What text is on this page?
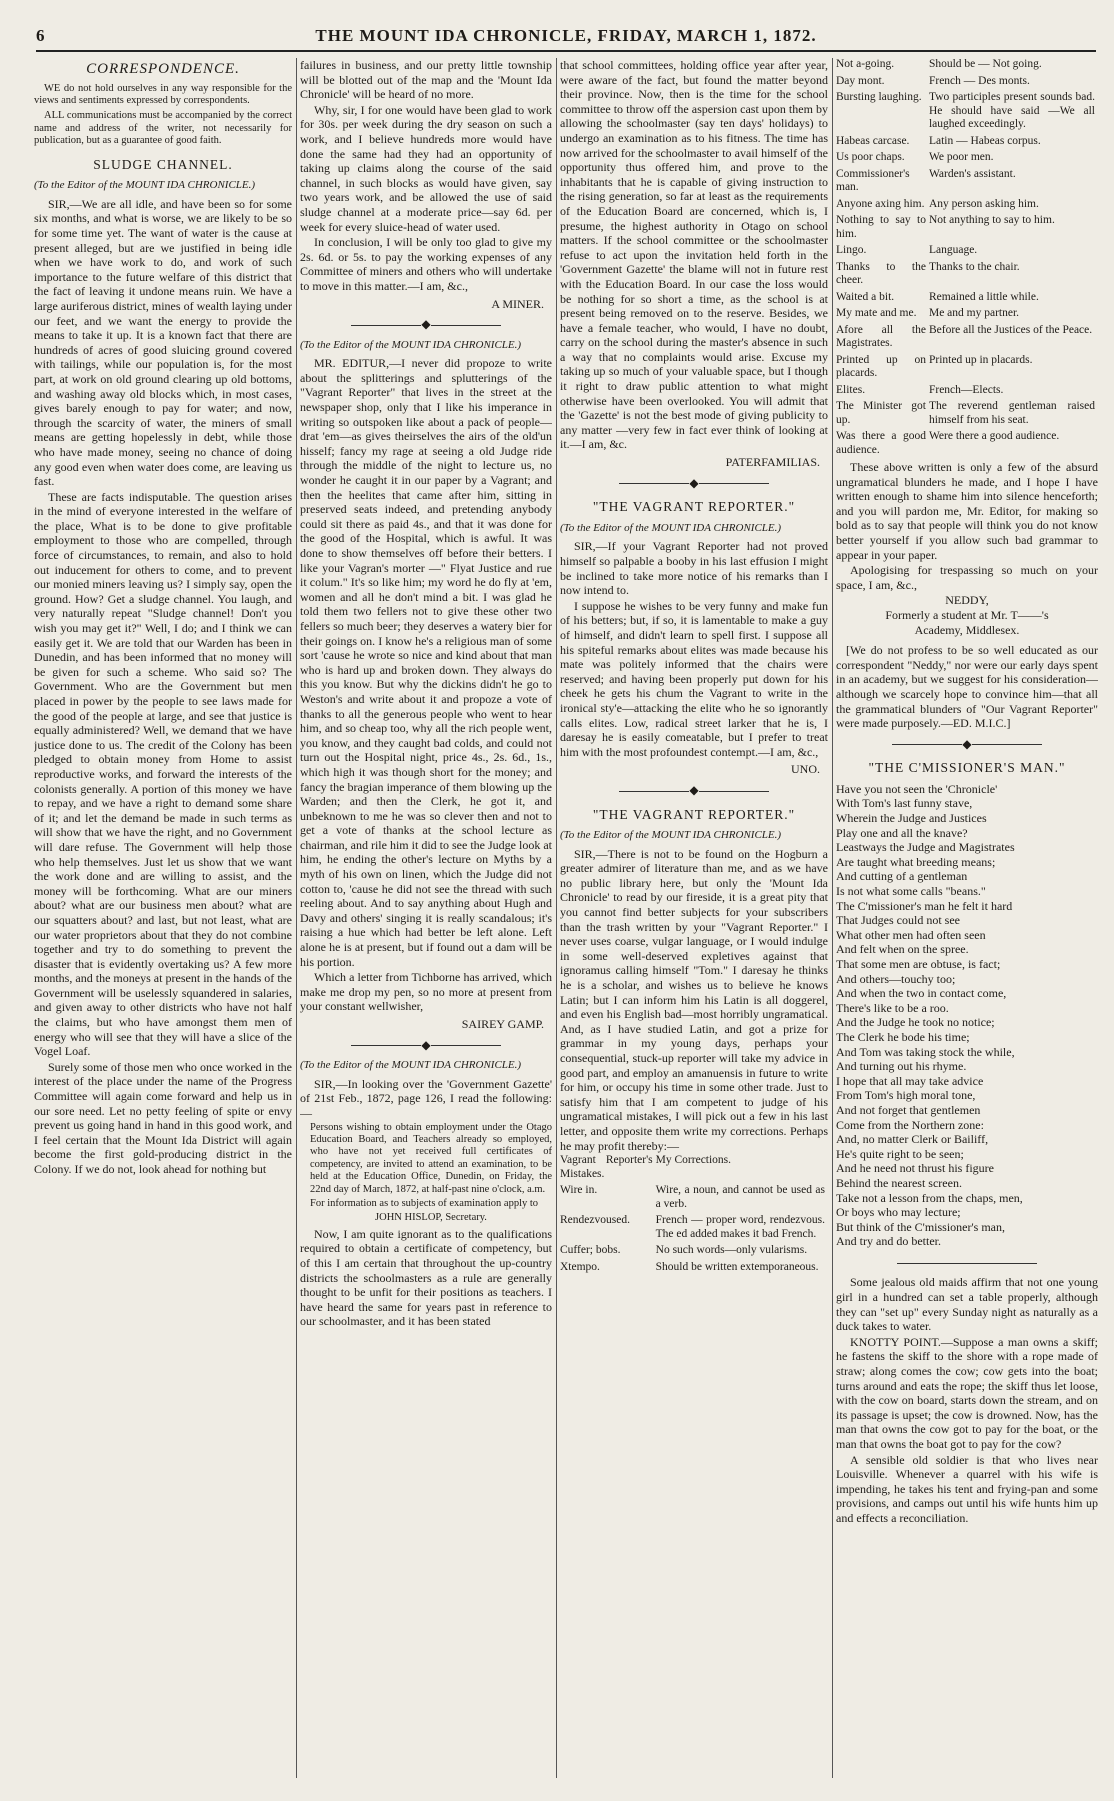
6	THE MOUNT IDA CHRONICLE, FRIDAY, MARCH 1, 1872.
CORRESPONDENCE.

WE do not hold ourselves in any way responsible for the views and sentiments expressed by correspondents.

ALL communications must be accompanied by the correct name and address of the writer, not necessarily for publication, but as a guarantee of good faith.

SLUDGE CHANNEL.

(To the Editor of the MOUNT IDA CHRONICLE.)

SIR,—We are all idle, and have been so for some six months, and what is worse, we are likely to be so for some time yet. The want of water is the cause at present alleged, but are we justified in being idle when we have work to do, and work of such importance to the future welfare of this district that the fact of leaving it undone means ruin. We have a large auriferous district, mines of wealth laying under our feet, and we want the energy to provide the means to take it up. It is a known fact that there are hundreds of acres of good sluicing ground covered with tailings, while our population is, for the most part, at work on old ground clearing up old bottoms, and washing away old blocks which, in most cases, gives barely enough to pay for water; and now, through the scarcity of water, the miners of small means are getting hopelessly in debt, while those who have made money, seeing no chance of doing any good even when water does come, are leaving us fast.

These are facts indisputable. The question arises in the mind of everyone interested in the welfare of the place, What is to be done to give profitable employment to those who are compelled, through force of circumstances, to remain, and also to hold out inducement for others to come, and to prevent our monied miners leaving us? I simply say, open the ground. How? Get a sludge channel. You laugh, and very naturally repeat "Sludge channel! Don't you wish you may get it?" Well, I do; and I think we can easily get it. We are told that our Warden has been in Dunedin, and has been informed that no money will be given for such a scheme. Who said so? The Government. Who are the Government but men placed in power by the people to see laws made for the good of the people at large, and see that justice is equally administered? Well, we demand that we have justice done to us. The credit of the Colony has been pledged to obtain money from Home to assist reproductive works, and forward the interests of the colonists generally. A portion of this money we have to repay, and we have a right to demand some share of it; and let the demand be made in such terms as will show that we have the right, and no Government will dare refuse. The Government will help those who help themselves. Just let us show that we want the work done and are willing to assist, and the money will be forthcoming. What are our miners about? what are our business men about? what are our squatters about? and last, but not least, what are our water proprietors about that they do not combine together and try to do something to prevent the disaster that is evidently overtaking us? A few more months, and the moneys at present in the hands of the Government will be uselessly squandered in salaries, and given away to other districts who have not half the claims, but who have amongst them men of energy who will see that they will have a slice of the Vogel Loaf.

Surely some of those men who once worked in the interest of the place under the name of the Progress Committee will again come forward and help us in our sore need. Let no petty feeling of spite or envy prevent us going hand in hand in this good work, and I feel certain that the Mount Ida District will again become the first gold-producing district in the Colony. If we do not, look ahead for nothing but

failures in business, and our pretty little township will be blotted out of the map and the 'Mount Ida Chronicle' will be heard of no more.

Why, sir, I for one would have been glad to work for 30s. per week during the dry season on such a work, and I believe hundreds more would have done the same had they had an opportunity of taking up claims along the course of the said channel, in such blocks as would have given, say two years work, and be allowed the use of said sludge channel at a moderate price—say 6d. per week for every sluice-head of water used.

In conclusion, I will be only too glad to give my 2s. 6d. or 5s. to pay the working expenses of any Committee of miners and others who will undertake to move in this matter.—I am, &c.,

A MINER.
◆

(To the Editor of the MOUNT IDA CHRONICLE.)

MR. EDITUR,—I never did propoze to write about the splitterings and splutterings of the "Vagrant Reporter" that lives in the street at the newspaper shop, only that I like his imperance in writing so outspoken like about a pack of people—drat 'em—as gives theirselves the airs of the old'un hisself; fancy my rage at seeing a old Judge ride through the middle of the night to lecture us, no wonder he caught it in our paper by a Vagrant; and then the heelites that came after him, sitting in preserved seats indeed, and pretending anybody could sit there as paid 4s., and that it was done for the good of the Hospital, which is awful. It was done to show themselves off before their betters. I like your Vagran's morter —" Flyat Justice and rue it colum." It's so like him; my word he do fly at 'em, women and all he don't mind a bit. I was glad he told them two fellers not to give these other two fellers so much beer; they deserves a watery bier for their goings on. I know he's a religious man of some sort 'cause he wrote so nice and kind about that man who is hard up and broken down. They always do this you know. But why the dickins didn't he go to Weston's and write about it and propoze a vote of thanks to all the generous people who went to hear him, and so cheap too, why all the rich people went, you know, and they caught bad colds, and could not turn out the Hospital night, price 4s., 2s. 6d., 1s., which high it was though short for the money; and fancy the bragian imperance of them blowing up the Warden; and then the Clerk, he got it, and unbeknown to me he was so clever then and not to get a vote of thanks at the school lecture as chairman, and rile him it did to see the Judge look at him, he ending the other's lecture on Myths by a myth of his own on linen, which the Judge did not cotton to, 'cause he did not see the thread with such reeling about. And to say anything about Hugh and Davy and others' singing it is really scandalous; it's raising a hue which had better be left alone. Left alone he is at present, but if found out a dam will be his portion.

Which a letter from Tichborne has arrived, which make me drop my pen, so no more at present from your constant wellwisher,

SAIREY GAMP.
◆

(To the Editor of the MOUNT IDA CHRONICLE.)

SIR,—In looking over the 'Government Gazette' of 21st Feb., 1872, page 126, I read the following:—

Persons wishing to obtain employment under the Otago Education Board, and Teachers already so employed, who have not yet received full certificates of competency, are invited to attend an examination, to be held at the Education Office, Dunedin, on Friday, the 22nd day of March, 1872, at half-past nine o'clock, a.m.

For information as to subjects of examination apply to

JOHN HISLOP, Secretary.

Now, I am quite ignorant as to the qualifications required to obtain a certificate of competency, but of this I am certain that throughout the up-country districts the schoolmasters as a rule are generally thought to be unfit for their positions as teachers. I have heard the same for years past in reference to our schoolmaster, and it has been stated

that school committees, holding office year after year, were aware of the fact, but found the matter beyond their province. Now, then is the time for the school committee to throw off the aspersion cast upon them by allowing the schoolmaster (say ten days' holidays) to undergo an examination as to his fitness. The time has now arrived for the schoolmaster to avail himself of the opportunity thus offered him, and prove to the inhabitants that he is capable of giving instruction to the rising generation, so far at least as the requirements of the Education Board are concerned, which is, I presume, the highest authority in Otago on school matters. If the school committee or the schoolmaster refuse to act upon the invitation held forth in the 'Government Gazette' the blame will not in future rest with the Education Board. In our case the loss would be nothing for so short a time, as the school is at present being removed on to the reserve. Besides, we have a female teacher, who would, I have no doubt, carry on the school during the master's absence in such a way that no complaints would arise. Excuse my taking up so much of your valuable space, but I though it right to draw public attention to what might otherwise have been overlooked. You will admit that the 'Gazette' is not the best mode of giving publicity to any matter —very few in fact ever think of looking at it.—I am, &c.

PATERFAMILIAS.
◆
"THE VAGRANT REPORTER."

(To the Editor of the MOUNT IDA CHRONICLE.)

SIR,—If your Vagrant Reporter had not proved himself so palpable a booby in his last effusion I might be inclined to take more notice of his remarks than I now intend to.

I suppose he wishes to be very funny and make fun of his betters; but, if so, it is lamentable to make a guy of himself, and didn't learn to spell first. I suppose all his spiteful remarks about elites was made because his mate was politely informed that the chairs were reserved; and having been properly put down for his cheek he gets his chum the Vagrant to write in the ironical sty'e—attacking the elite who he so ignorantly calls elites. Low, radical street larker that he is, I daresay he is easily comeatable, but I prefer to treat him with the most profoundest contempt.—I am, &c.,

UNO.
◆
"THE VAGRANT REPORTER."

(To the Editor of the MOUNT IDA CHRONICLE.)

SIR,—There is not to be found on the Hogburn a greater admirer of literature than me, and as we have no public library here, but only the 'Mount Ida Chronicle' to read by our fireside, it is a great pity that you cannot find better subjects for your subscribers than the trash written by your "Vagrant Reporter." I never uses coarse, vulgar language, or I would indulge in some well-deserved expletives against that ignoramus calling himself "Tom." I daresay he thinks he is a scholar, and wishes us to believe he knows Latin; but I can inform him his Latin is all doggerel, and even his English bad—most horribly ungramatical. And, as I have studied Latin, and got a prize for grammar in my young days, perhaps your consequential, stuck-up reporter will take my advice in good part, and employ an amanuensis in future to write for him, or occupy his time in some other trade. Just to satisfy him that I am competent to judge of his ungramatical mistakes, I will pick out a few in his last letter, and opposite them write my corrections. Perhaps he may profit thereby:—

Vagrant Reporter's Mistakes.	My Corrections.
Wire in.	Wire, a noun, and cannot be used as a verb.
Rendezvoused.	French — proper word, rendezvous. The ed added makes it bad French.
Cuffer; bobs.	No such words—only vularisms.
Xtempo.	Should be written extemporaneous.
Not a-going.	Should be — Not going.
Day mont.	French — Des monts.
Bursting laughing.	Two participles present sounds bad. He should have said —We all laughed exceedingly.
Habeas carcase.	Latin — Habeas corpus.
Us poor chaps.	We poor men.
Commissioner's man.	Warden's assistant.
Anyone axing him.	Any person asking him.
Nothing to say to him.	Not anything to say to him.
Lingo.	Language.
Thanks to the cheer.	Thanks to the chair.
Waited a bit.	Remained a little while.
My mate and me.	Me and my partner.
Afore all the Magistrates.	Before all the Justices of the Peace.
Printed up on placards.	Printed up in placards.
Elites.	French—Elects.
The Minister got up.	The reverend gentleman raised himself from his seat.
Was there a good audience.	Were there a good audience.

These above written is only a few of the absurd ungramatical blunders he made, and I hope I have written enough to shame him into silence henceforth; and you will pardon me, Mr. Editor, for making so bold as to say that people will think you do not know better yourself if you allow such bad grammar to appear in your paper.

Apologising for trespassing so much on your space, I am, &c.,

NEDDY,
Formerly a student at Mr. T——'s
Academy, Middlesex.

[We do not profess to be so well educated as our correspondent "Neddy," nor were our early days spent in an academy, but we suggest for his consideration—although we scarcely hope to convince him—that all the grammatical blunders of "Our Vagrant Reporter" were made purposely.—ED. M.I.C.]

◆
"THE C'MISSIONER'S MAN."

Have you not seen the 'Chronicle'

With Tom's last funny stave,

Wherein the Judge and Justices

Play one and all the knave?

Leastways the Judge and Magistrates

Are taught what breeding means;

And cutting of a gentleman

Is not what some calls "beans."

The C'missioner's man he felt it hard

That Judges could not see

What other men had often seen

And felt when on the spree.

That some men are obtuse, is fact;

And others—touchy too;

And when the two in contact come,

There's like to be a roo.

And the Judge he took no notice;

The Clerk he bode his time;

And Tom was taking stock the while,

And turning out his rhyme.

I hope that all may take advice

From Tom's high moral tone,

And not forget that gentlemen

Come from the Northern zone:

And, no matter Clerk or Bailiff,

He's quite right to be seen;

And he need not thrust his figure

Behind the nearest screen.

Take not a lesson from the chaps, men,

Or boys who may lecture;

But think of the C'missioner's man,

And try and do better.

Some jealous old maids affirm that not one young girl in a hundred can set a table properly, although they can "set up" every Sunday night as naturally as a duck takes to water.

KNOTTY POINT.—Suppose a man owns a skiff; he fastens the skiff to the shore with a rope made of straw; along comes the cow; cow gets into the boat; turns around and eats the rope; the skiff thus let loose, with the cow on board, starts down the stream, and on its passage is upset; the cow is drowned. Now, has the man that owns the cow got to pay for the boat, or the man that owns the boat got to pay for the cow?

A sensible old soldier is that who lives near Louisville. Whenever a quarrel with his wife is impending, he takes his tent and frying-pan and some provisions, and camps out until his wife hunts him up and effects a reconciliation.
